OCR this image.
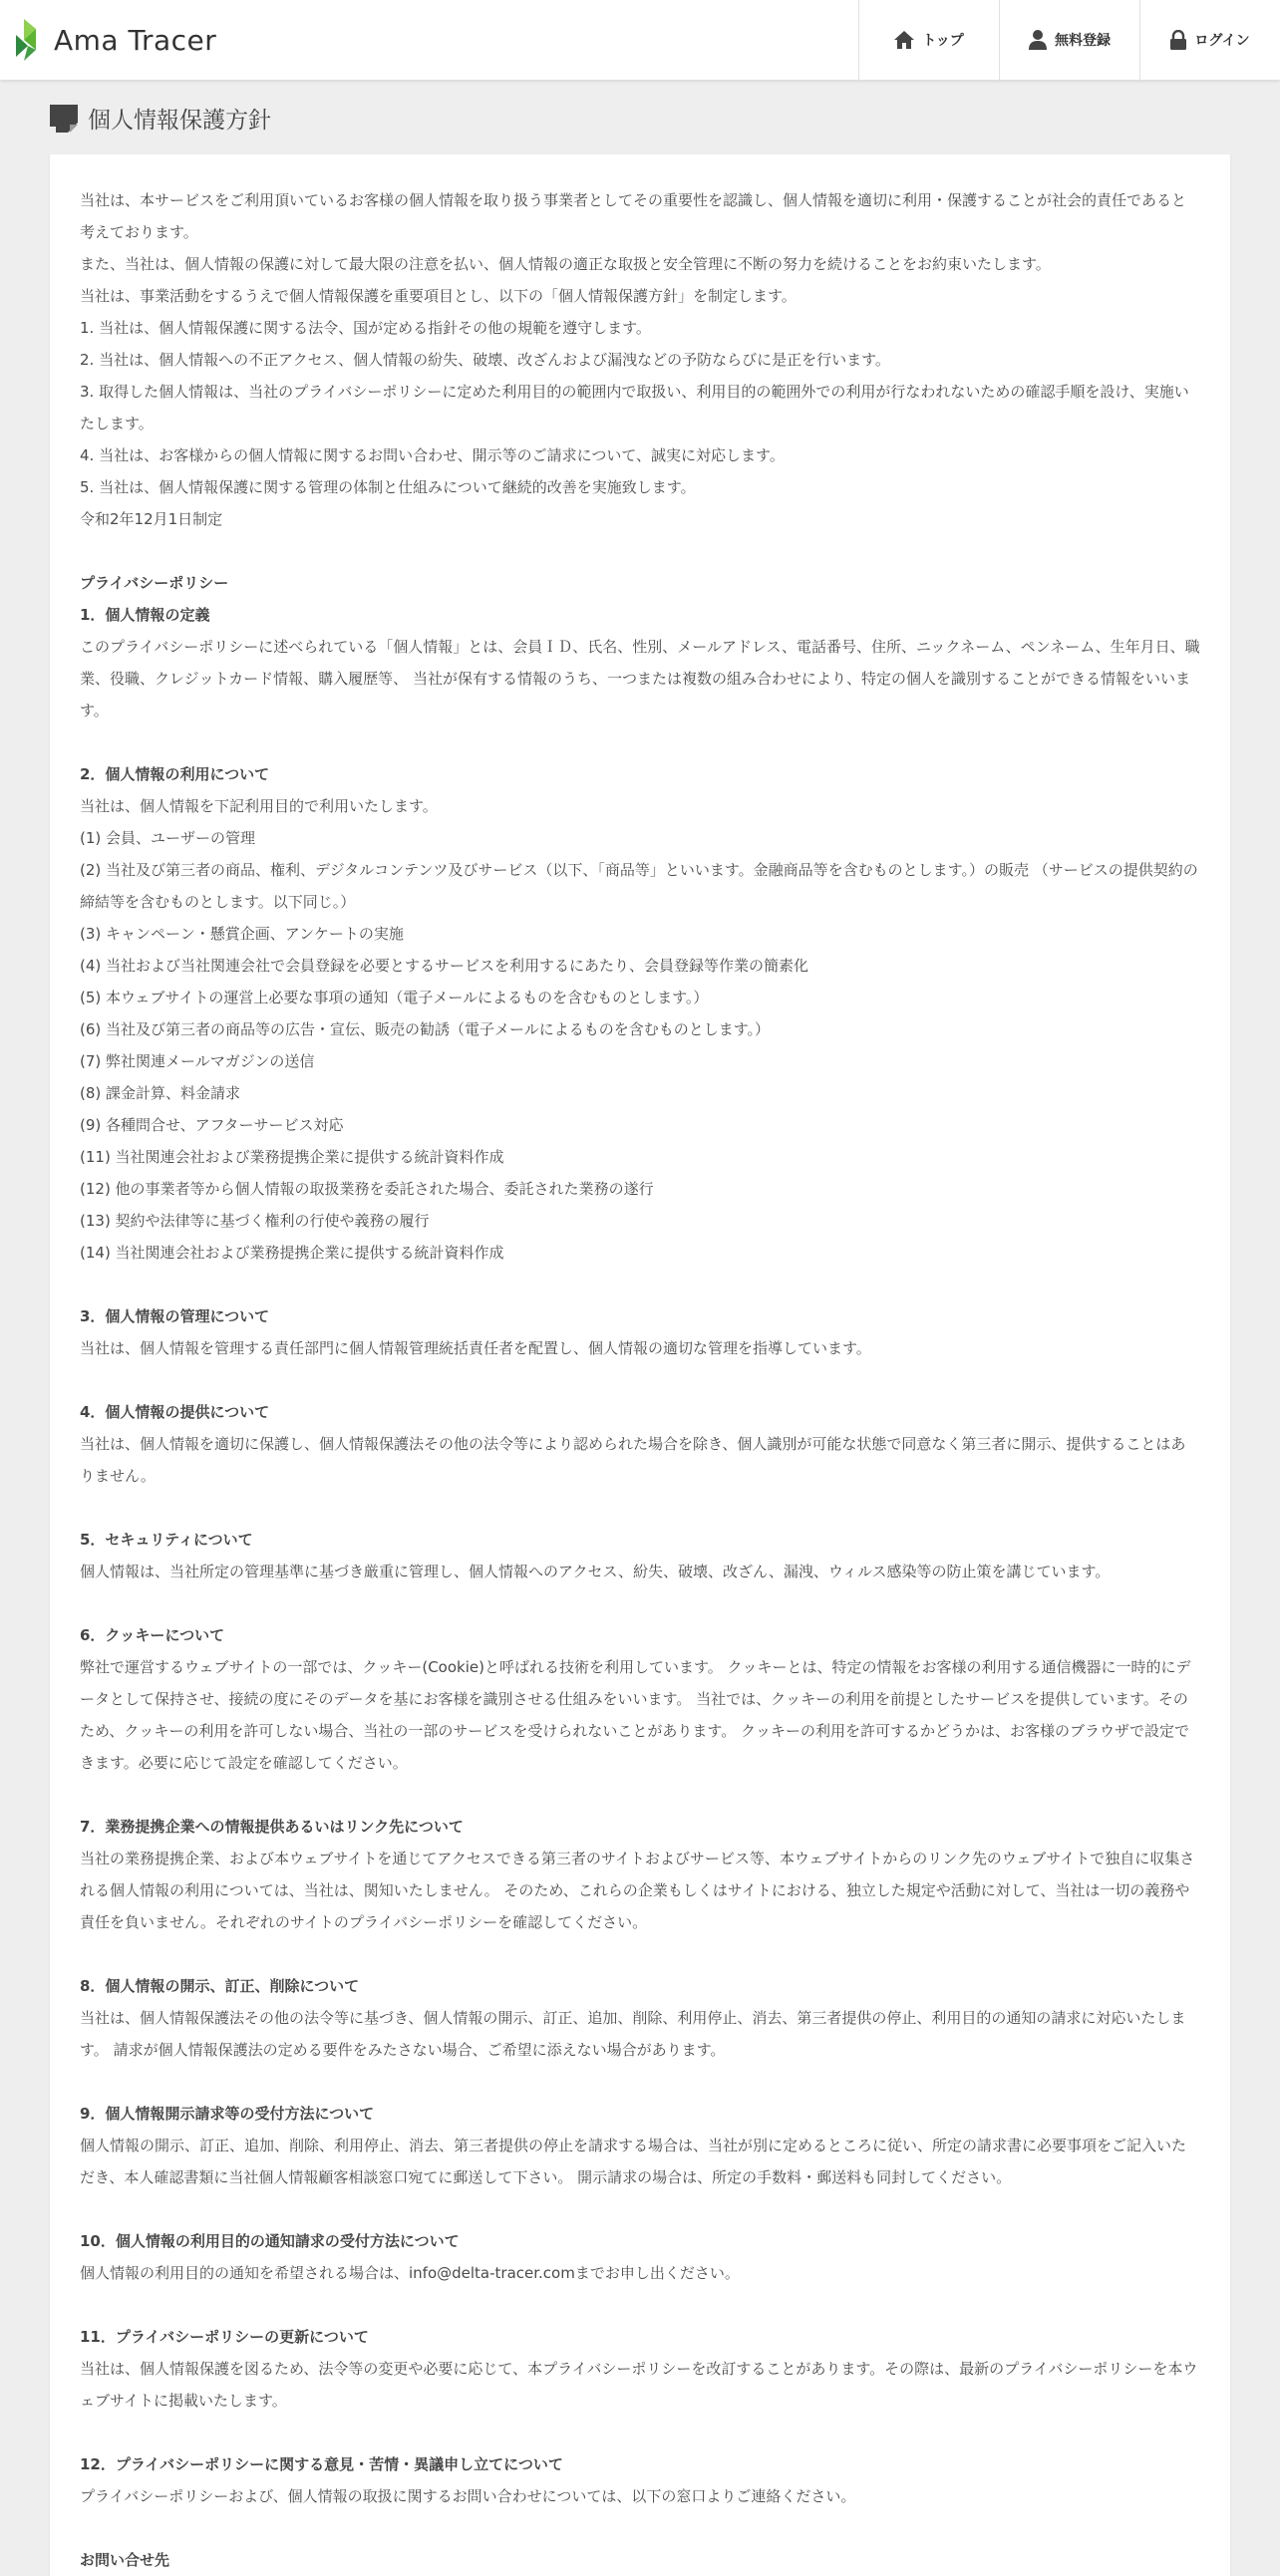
Ama Tracer	トップ	無料登録	ログイン
個人情報保護方針

当社は、本サービスをご利用頂いているお客様の個人情報を取り扱う事業者としてその重要性を認識し、個人情報を適切に利用・保護することが社会的責任であると考えております。

また、当社は、個人情報の保護に対して最大限の注意を払い、個人情報の適正な取扱と安全管理に不断の努力を続けることをお約束いたします。

当社は、事業活動をするうえで個人情報保護を重要項目とし、以下の「個人情報保護方針」を制定します。

1. 当社は、個人情報保護に関する法令、国が定める指針その他の規範を遵守します。

2. 当社は、個人情報への不正アクセス、個人情報の紛失、破壊、改ざんおよび漏洩などの予防ならびに是正を行います。

3. 取得した個人情報は、当社のプライバシーポリシーに定めた利用目的の範囲内で取扱い、利用目的の範囲外での利用が行なわれないための確認手順を設け、実施いたします。

4. 当社は、お客様からの個人情報に関するお問い合わせ、開示等のご請求について、誠実に対応します。

5. 当社は、個人情報保護に関する管理の体制と仕組みについて継続的改善を実施致します。

令和2年12月1日制定

プライバシーポリシー

1．個人情報の定義

このプライバシーポリシーに述べられている「個人情報」とは、会員ＩＤ、氏名、性別、メールアドレス、電話番号、住所、ニックネーム、ペンネーム、生年月日、職業、役職、クレジットカード情報、購入履歴等、 当社が保有する情報のうち、一つまたは複数の組み合わせにより、特定の個人を識別することができる情報をいいます。

2．個人情報の利用について

当社は、個人情報を下記利用目的で利用いたします。

(1) 会員、ユーザーの管理

(2) 当社及び第三者の商品、権利、デジタルコンテンツ及びサービス（以下、「商品等」といいます。金融商品等を含むものとします。）の販売 （サービスの提供契約の締結等を含むものとします。以下同じ。）

(3) キャンペーン・懸賞企画、アンケートの実施

(4) 当社および当社関連会社で会員登録を必要とするサービスを利用するにあたり、会員登録等作業の簡素化

(5) 本ウェブサイトの運営上必要な事項の通知（電子メールによるものを含むものとします。）

(6) 当社及び第三者の商品等の広告・宣伝、販売の勧誘（電子メールによるものを含むものとします。）

(7) 弊社関連メールマガジンの送信

(8) 課金計算、料金請求

(9) 各種問合せ、アフターサービス対応

(11) 当社関連会社および業務提携企業に提供する統計資料作成

(12) 他の事業者等から個人情報の取扱業務を委託された場合、委託された業務の遂行

(13) 契約や法律等に基づく権利の行使や義務の履行

(14) 当社関連会社および業務提携企業に提供する統計資料作成

3．個人情報の管理について

当社は、個人情報を管理する責任部門に個人情報管理統括責任者を配置し、個人情報の適切な管理を指導しています。

4．個人情報の提供について

当社は、個人情報を適切に保護し、個人情報保護法その他の法令等により認められた場合を除き、個人識別が可能な状態で同意なく第三者に開示、提供することはありません。

5．セキュリティについて

個人情報は、当社所定の管理基準に基づき厳重に管理し、個人情報へのアクセス、紛失、破壊、改ざん、漏洩、ウィルス感染等の防止策を講じています。

6．クッキーについて

弊社で運営するウェブサイトの一部では、クッキー(Cookie)と呼ばれる技術を利用しています。 クッキーとは、特定の情報をお客様の利用する通信機器に一時的にデータとして保持させ、接続の度にそのデータを基にお客様を識別させる仕組みをいいます。 当社では、クッキーの利用を前提としたサービスを提供しています。そのため、クッキーの利用を許可しない場合、当社の一部のサービスを受けられないことがあります。 クッキーの利用を許可するかどうかは、お客様のブラウザで設定できます。必要に応じて設定を確認してください。

7．業務提携企業への情報提供あるいはリンク先について

当社の業務提携企業、および本ウェブサイトを通じてアクセスできる第三者のサイトおよびサービス等、本ウェブサイトからのリンク先のウェブサイトで独自に収集される個人情報の利用については、当社は、関知いたしません。 そのため、これらの企業もしくはサイトにおける、独立した規定や活動に対して、当社は一切の義務や責任を負いません。それぞれのサイトのプライバシーポリシーを確認してください。

8．個人情報の開示、訂正、削除について

当社は、個人情報保護法その他の法令等に基づき、個人情報の開示、訂正、追加、削除、利用停止、消去、第三者提供の停止、利用目的の通知の請求に対応いたします。 請求が個人情報保護法の定める要件をみたさない場合、ご希望に添えない場合があります。

9．個人情報開示請求等の受付方法について

個人情報の開示、訂正、追加、削除、利用停止、消去、第三者提供の停止を請求する場合は、当社が別に定めるところに従い、所定の請求書に必要事項をご記入いただき、本人確認書類に当社個人情報顧客相談窓口宛てに郵送して下さい。 開示請求の場合は、所定の手数料・郵送料も同封してください。

10．個人情報の利用目的の通知請求の受付方法について

個人情報の利用目的の通知を希望される場合は、info@delta-tracer.comまでお申し出ください。

11．プライバシーポリシーの更新について

当社は、個人情報保護を図るため、法令等の変更や必要に応じて、本プライバシーポリシーを改訂することがあります。その際は、最新のプライバシーポリシーを本ウェブサイトに掲載いたします。

12．プライバシーポリシーに関する意見・苦情・異議申し立てについて

プライバシーポリシーおよび、個人情報の取扱に関するお問い合わせについては、以下の窓口よりご連絡ください。

お問い合せ先
